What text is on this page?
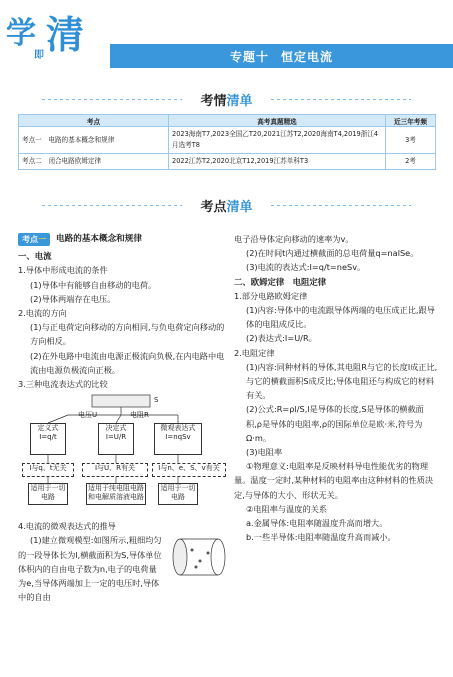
学
即 清	专题十 恒定电流
考情清单
考点	高考真题精选	近三年考频
考点一　电路的基本概念和规律	2023海南T7,2023全国乙T20,2021江苏T2,2020海南T4,2019浙江4月选考T8	3考
考点二　闭合电路欧姆定律	2022江苏T2,2020北京T12,2019江苏单科T3	2考
考点清单
考点一	电路的基本概念和规律
一、电流
1.导体中形成电流的条件
(1)导体中有能够自由移动的电荷。
(2)导体两端存在电压。
2.电流的方向
(1)与正电荷定向移动的方向相同,与负电荷定向移动的方向相反。
(2)在外电路中电流由电源正极流向负极,在内电路中电流由电源负极流向正极。
3.三种电流表达式的比较
S
电压U	电阻R
定义式
I=q/t
决定式
I=U/R
微观表达式
I=nqSv
I与q、t无关	I与U、R有关	I与n、e、S、v有关
适用于一切电路
适用于纯电阻电路和电解质溶液电路
适用于一切电路
4.电流的微观表达式的推导
(1)建立微观模型:如图所示,粗细均匀的一段导体长为l,横截面积为S,导体单位体积内的自由电子数为n,电子的电荷量为e,当导体两端加上一定的电压时,导体中的自由
电子沿导体定向移动的速率为v。
(2)在时间t内通过横截面的总电荷量q=nalSe。
(3)电流的表达式:I=q/t=neSv。
二、欧姆定律　电阻定律
1.部分电路欧姆定律
(1)内容:导体中的电流跟导体两端的电压成正比,跟导体的电阻成反比。
(2)表达式:I=U/R。
2.电阻定律
(1)内容:同种材料的导体,其电阻R与它的长度l成正比,与它的横截面积S成反比;导体电阻还与构成它的材料有关。
(2)公式:R=ρl/S,l是导体的长度,S是导体的横截面积,ρ是导体的电阻率,ρ的国际单位是欧·米,符号为Ω·m。
(3)电阻率
①物理意义:电阻率是反映材料导电性能优劣的物理量。温度一定时,某种材料的电阻率由这种材料的性质决定,与导体的大小、形状无关。
②电阻率与温度的关系
a.金属导体:电阻率随温度升高而增大。
b.一些半导体:电阻率随温度升高而减小。
